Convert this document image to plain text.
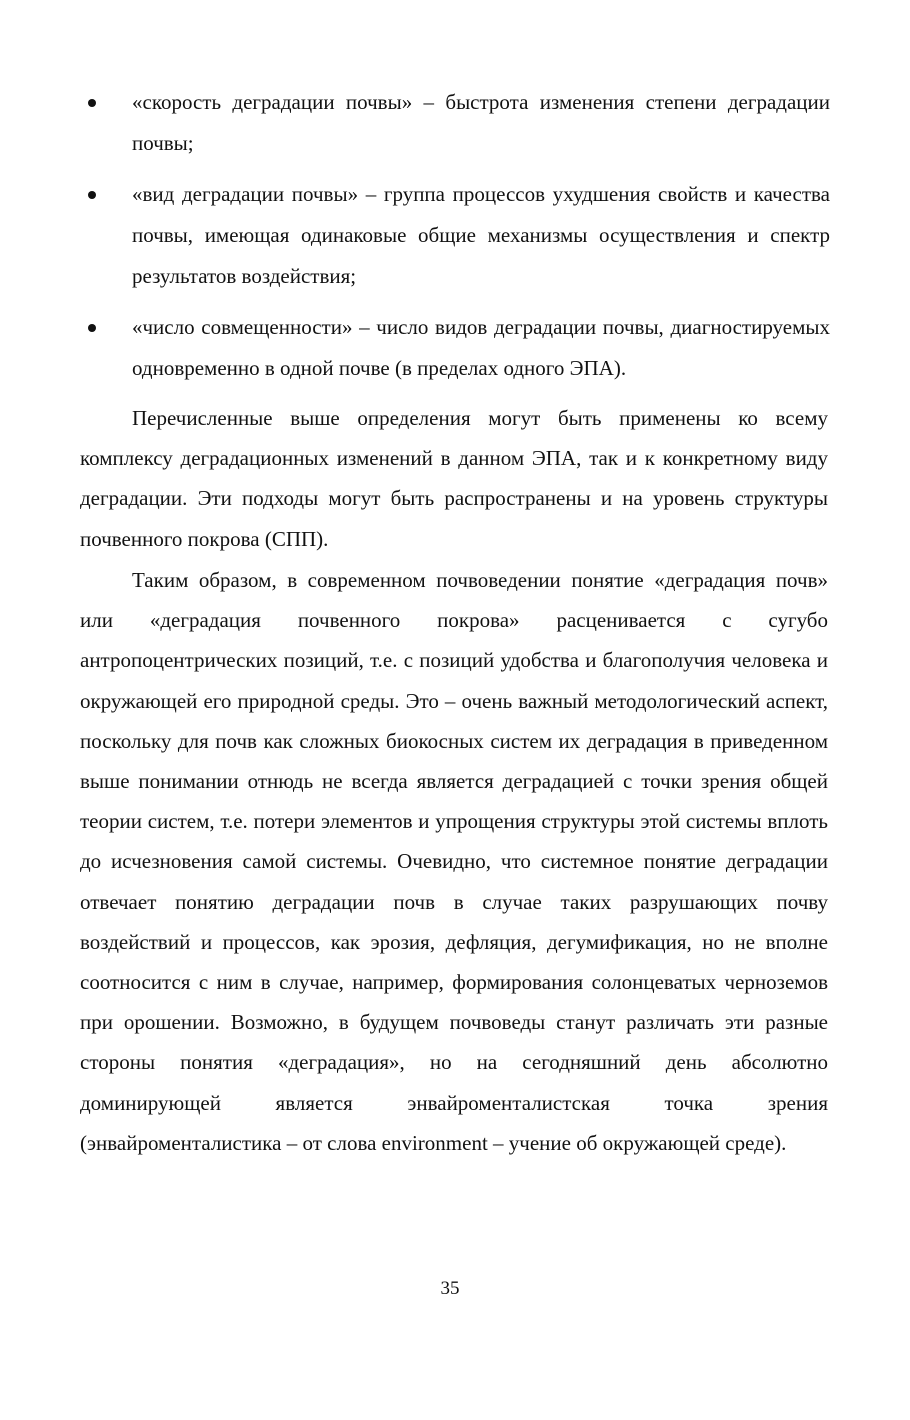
«скорость деградации почвы» – быстрота изменения степени деградации почвы;
«вид деградации почвы» – группа процессов ухудшения свойств и качества почвы, имеющая одинаковые общие механизмы осуществления и спектр результатов воздействия;
«число совмещенности» – число видов деградации почвы, диагностируемых одновременно в одной почве (в пределах одного ЭПА).

Перечисленные выше определения могут быть применены ко всему комплексу деградационных изменений в данном ЭПА, так и к конкретному виду деградации. Эти подходы могут быть распространены и на уровень структуры почвенного покрова (СПП).

Таким образом, в современном почвоведении понятие «деградация почв» или «деградация почвенного покрова» расценивается с сугубо антропоцентрических позиций, т.е. с позиций удобства и благополучия человека и окружающей его природной среды. Это – очень важный методологический аспект, поскольку для почв как сложных биокосных систем их деградация в приведенном выше понимании отнюдь не всегда является деградацией с точки зрения общей теории систем, т.е. потери элементов и упрощения структуры этой системы вплоть до исчезновения самой системы. Очевидно, что системное понятие деградации отвечает понятию деградации почв в случае таких разрушающих почву воздействий и процессов, как эрозия, дефляция, дегумификация, но не вполне соотносится с ним в случае, например, формирования солонцеватых черноземов при орошении. Возможно, в будущем почвоведы станут различать эти разные стороны понятия «деградация», но на сегодняшний день абсолютно доминирующей является энвайроменталистская точка зрения (энвайроменталистика – от слова environment – учение об окружающей среде).

35
